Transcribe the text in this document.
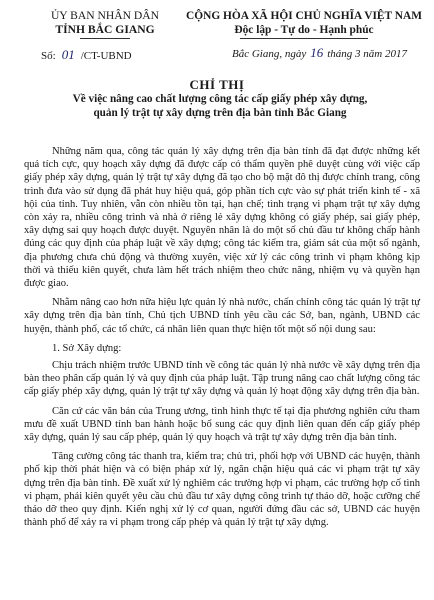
ỦY BAN NHÂN DÂN
TỈNH BẮC GIANG
CỘNG HÒA XÃ HỘI CHỦ NGHĨA VIỆT NAM
Độc lập - Tự do - Hạnh phúc
Số: 01 /CT-UBND	Bắc Giang, ngày 16 tháng 3 năm 2017
CHỈ THỊ
Về việc nâng cao chất lượng công tác cấp giấy phép xây dựng,
quản lý trật tự xây dựng trên địa bàn tỉnh Bắc Giang

Những năm qua, công tác quản lý xây dựng trên địa bàn tỉnh đã đạt được những kết quả tích cực, quy hoạch xây dựng đã được cấp có thẩm quyền phê duyệt cùng với việc cấp giấy phép xây dựng, quản lý trật tự xây dựng đã tạo cho bộ mặt đô thị được chỉnh trang, công trình đưa vào sử dụng đã phát huy hiệu quả, góp phần tích cực vào sự phát triển kinh tế - xã hội của tỉnh. Tuy nhiên, vẫn còn nhiều tồn tại, hạn chế; tình trạng vi phạm trật tự xây dựng còn xảy ra, nhiều công trình và nhà ở riêng lẻ xây dựng không có giấy phép, sai giấy phép, xây dựng sai quy hoạch được duyệt. Nguyên nhân là do một số chủ đầu tư không chấp hành đúng các quy định của pháp luật về xây dựng; công tác kiểm tra, giám sát của một số ngành, địa phương chưa chủ động và thường xuyên, việc xử lý các công trình vi phạm không kịp thời và thiếu kiên quyết, chưa làm hết trách nhiệm theo chức năng, nhiệm vụ và quyền hạn được giao.

Nhằm nâng cao hơn nữa hiệu lực quản lý nhà nước, chấn chỉnh công tác quản lý trật tự xây dựng trên địa bàn tỉnh, Chủ tịch UBND tỉnh yêu cầu các Sở, ban, ngành, UBND các huyện, thành phố, các tổ chức, cá nhân liên quan thực hiện tốt một số nội dung sau:

1. Sở Xây dựng:

Chịu trách nhiệm trước UBND tỉnh về công tác quản lý nhà nước về xây dựng trên địa bàn theo phân cấp quản lý và quy định của pháp luật. Tập trung nâng cao chất lượng công tác cấp giấy phép xây dựng, quản lý trật tự xây dựng và quản lý hoạt động xây dựng trên địa bàn.

Căn cứ các văn bản của Trung ương, tình hình thực tế tại địa phương nghiên cứu tham mưu đề xuất UBND tỉnh ban hành hoặc bổ sung các quy định liên quan đến cấp giấy phép xây dựng, quản lý sau cấp phép, quản lý quy hoạch và trật tự xây dựng trên địa bàn tỉnh.

Tăng cường công tác thanh tra, kiểm tra; chủ trì, phối hợp với UBND các huyện, thành phố kịp thời phát hiện và có biện pháp xử lý, ngăn chặn hiệu quả các vi phạm trật tự xây dựng trên địa bàn tỉnh. Đề xuất xử lý nghiêm các trường hợp vi phạm, các trường hợp cố tình vi phạm, phải kiên quyết yêu cầu chủ đầu tư xây dựng công trình tự tháo dỡ, hoặc cưỡng chế tháo dỡ theo quy định. Kiến nghị xử lý cơ quan, người đứng đầu các sở, UBND các huyện thành phố để xảy ra vi phạm trong cấp phép và quản lý trật tự xây dựng.
